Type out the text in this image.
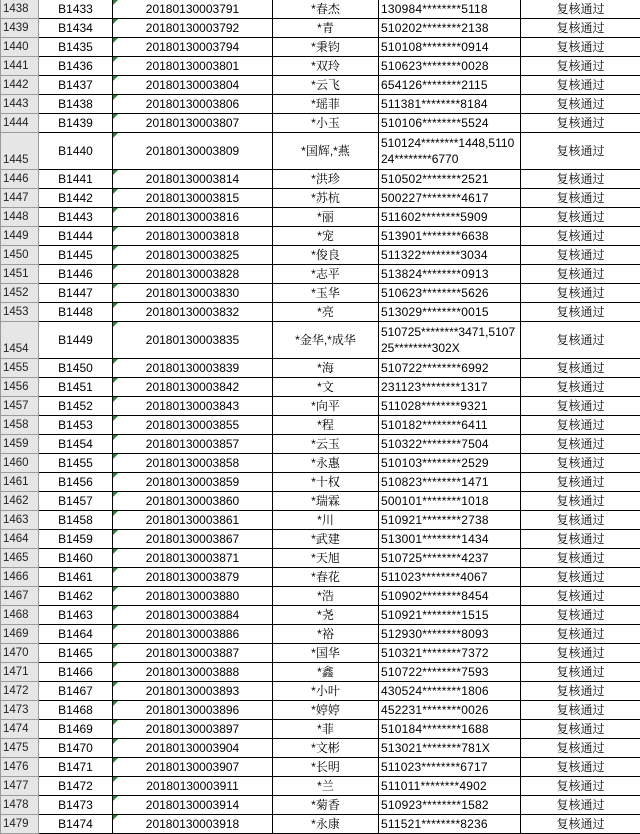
1438	B1433	20180130003791	*春杰	130984********5118	复核通过
1439	B1434	20180130003792	*青	510202********2138	复核通过
1440	B1435	20180130003794	*秉钧	510108********0914	复核通过
1441	B1436	20180130003801	*双玲	510623********0028	复核通过
1442	B1437	20180130003804	*云飞	654126********2115	复核通过
1443	B1438	20180130003806	*瑶菲	511381********8184	复核通过
1444	B1439	20180130003807	*小玉	510106********5524	复核通过
1445	B1440	20180130003809	*国辉,*燕	510124********1448,511024********6770	复核通过
1446	B1441	20180130003814	*洪珍	510502********2521	复核通过
1447	B1442	20180130003815	*苏杭	500227********4617	复核通过
1448	B1443	20180130003816	*丽	511602********5909	复核通过
1449	B1444	20180130003818	*宠	513901********6638	复核通过
1450	B1445	20180130003825	*俊良	511322********3034	复核通过
1451	B1446	20180130003828	*志平	513824********0913	复核通过
1452	B1447	20180130003830	*玉华	510623********5626	复核通过
1453	B1448	20180130003832	*亮	513029********0015	复核通过
1454	B1449	20180130003835	*金华,*成华	510725********3471,510725********302X	复核通过
1455	B1450	20180130003839	*海	510722********6992	复核通过
1456	B1451	20180130003842	*文	231123********1317	复核通过
1457	B1452	20180130003843	*向平	511028********9321	复核通过
1458	B1453	20180130003855	*程	510182********6411	复核通过
1459	B1454	20180130003857	*云玉	510322********7504	复核通过
1460	B1455	20180130003858	*永惠	510103********2529	复核通过
1461	B1456	20180130003859	*十权	510823********1471	复核通过
1462	B1457	20180130003860	*瑞霖	500101********1018	复核通过
1463	B1458	20180130003861	*川	510921********2738	复核通过
1464	B1459	20180130003867	*武建	513001********1434	复核通过
1465	B1460	20180130003871	*天旭	510725********4237	复核通过
1466	B1461	20180130003879	*春花	511023********4067	复核通过
1467	B1462	20180130003880	*浩	510902********8454	复核通过
1468	B1463	20180130003884	*尧	510921********1515	复核通过
1469	B1464	20180130003886	*裕	512930********8093	复核通过
1470	B1465	20180130003887	*国华	510321********7372	复核通过
1471	B1466	20180130003888	*鑫	510722********7593	复核通过
1472	B1467	20180130003893	*小叶	430524********1806	复核通过
1473	B1468	20180130003896	*婷婷	452231********0026	复核通过
1474	B1469	20180130003897	*菲	510184********1688	复核通过
1475	B1470	20180130003904	*文彬	513021********781X	复核通过
1476	B1471	20180130003907	*长明	511023********6717	复核通过
1477	B1472	20180130003911	*兰	511011********4902	复核通过
1478	B1473	20180130003914	*菊香	510923********1582	复核通过
1479	B1474	20180130003918	*永康	511521********8236	复核通过
